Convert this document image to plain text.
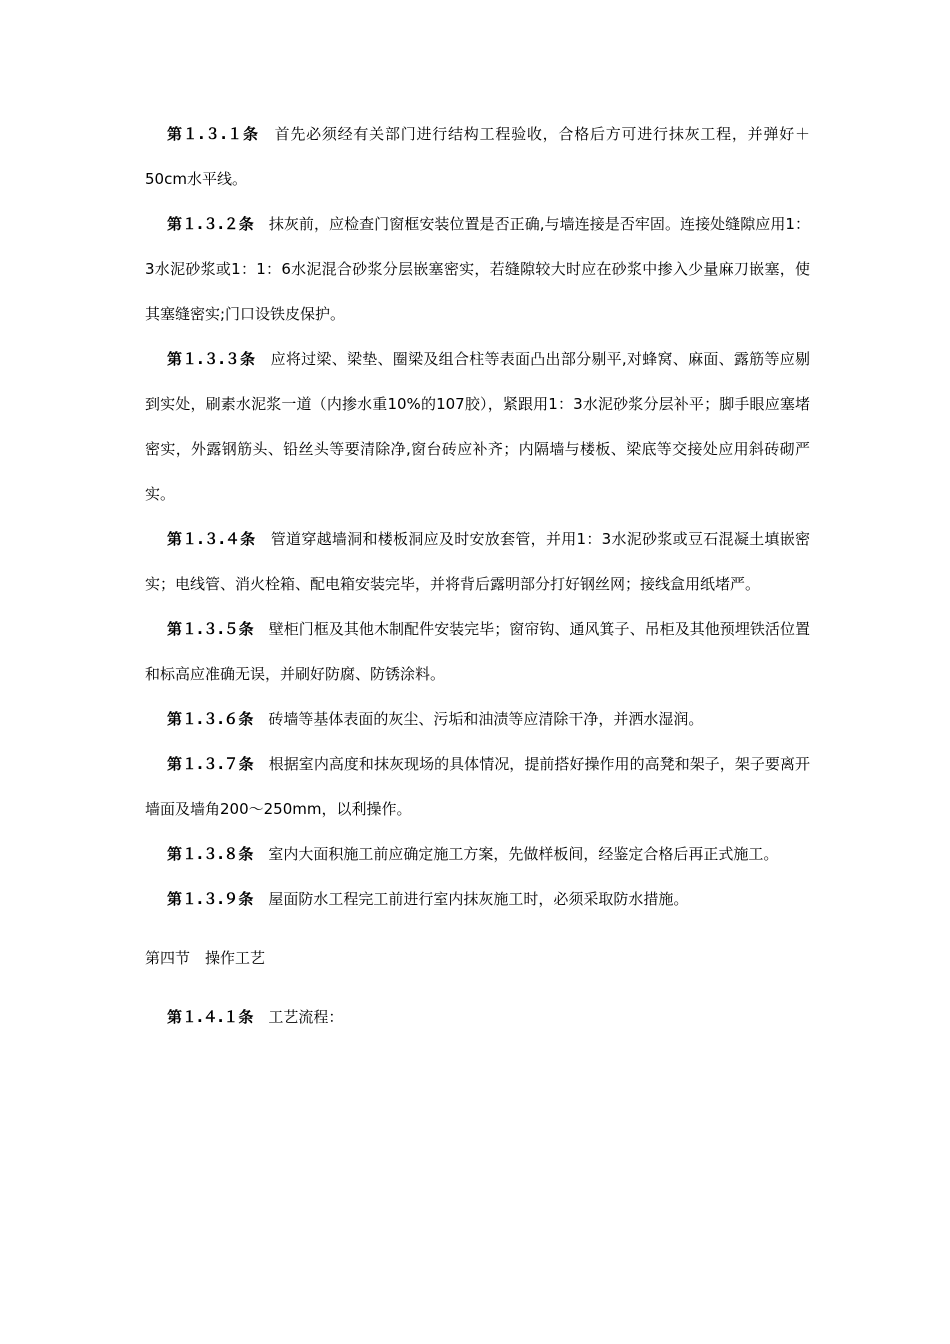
第１.３.１条　首先必须经有关部门进行结构工程验收，合格后方可进行抹灰工程，并弹好＋50cm水平线。

第１.３.２条　抹灰前，应检查门窗框安装位置是否正确,与墙连接是否牢固。连接处缝隙应用1：3水泥砂浆或1：1：6水泥混合砂浆分层嵌塞密实，若缝隙较大时应在砂浆中掺入少量麻刀嵌塞，使其塞缝密实;门口设铁皮保护。

第１.３.３条　应将过梁、梁垫、圈梁及组合柱等表面凸出部分剔平,对蜂窝、麻面、露筋等应剔到实处，刷素水泥浆一道（内掺水重10%的107胶），紧跟用1：3水泥砂浆分层补平；脚手眼应塞堵密实，外露钢筋头、铅丝头等要清除净,窗台砖应补齐；内隔墙与楼板、梁底等交接处应用斜砖砌严实。

第１.３.４条　管道穿越墙洞和楼板洞应及时安放套管，并用1：3水泥砂浆或豆石混凝土填嵌密实；电线管、消火栓箱、配电箱安装完毕，并将背后露明部分打好钢丝网；接线盒用纸堵严。

第１.３.５条　壁柜门框及其他木制配件安装完毕；窗帘钩、通风箕子、吊柜及其他预埋铁活位置和标高应准确无误，并刷好防腐、防锈涂料。

第１.３.６条　砖墙等基体表面的灰尘、污垢和油渍等应清除干净，并洒水湿润。

第１.３.７条　根据室内高度和抹灰现场的具体情况，提前搭好操作用的高凳和架子，架子要离开墙面及墙角200～250mm，以利操作。

第１.３.８条　室内大面积施工前应确定施工方案，先做样板间，经鉴定合格后再正式施工。

第１.３.９条　屋面防水工程完工前进行室内抹灰施工时，必须采取防水措施。

第四节　操作工艺

第１.４.１条　工艺流程：
